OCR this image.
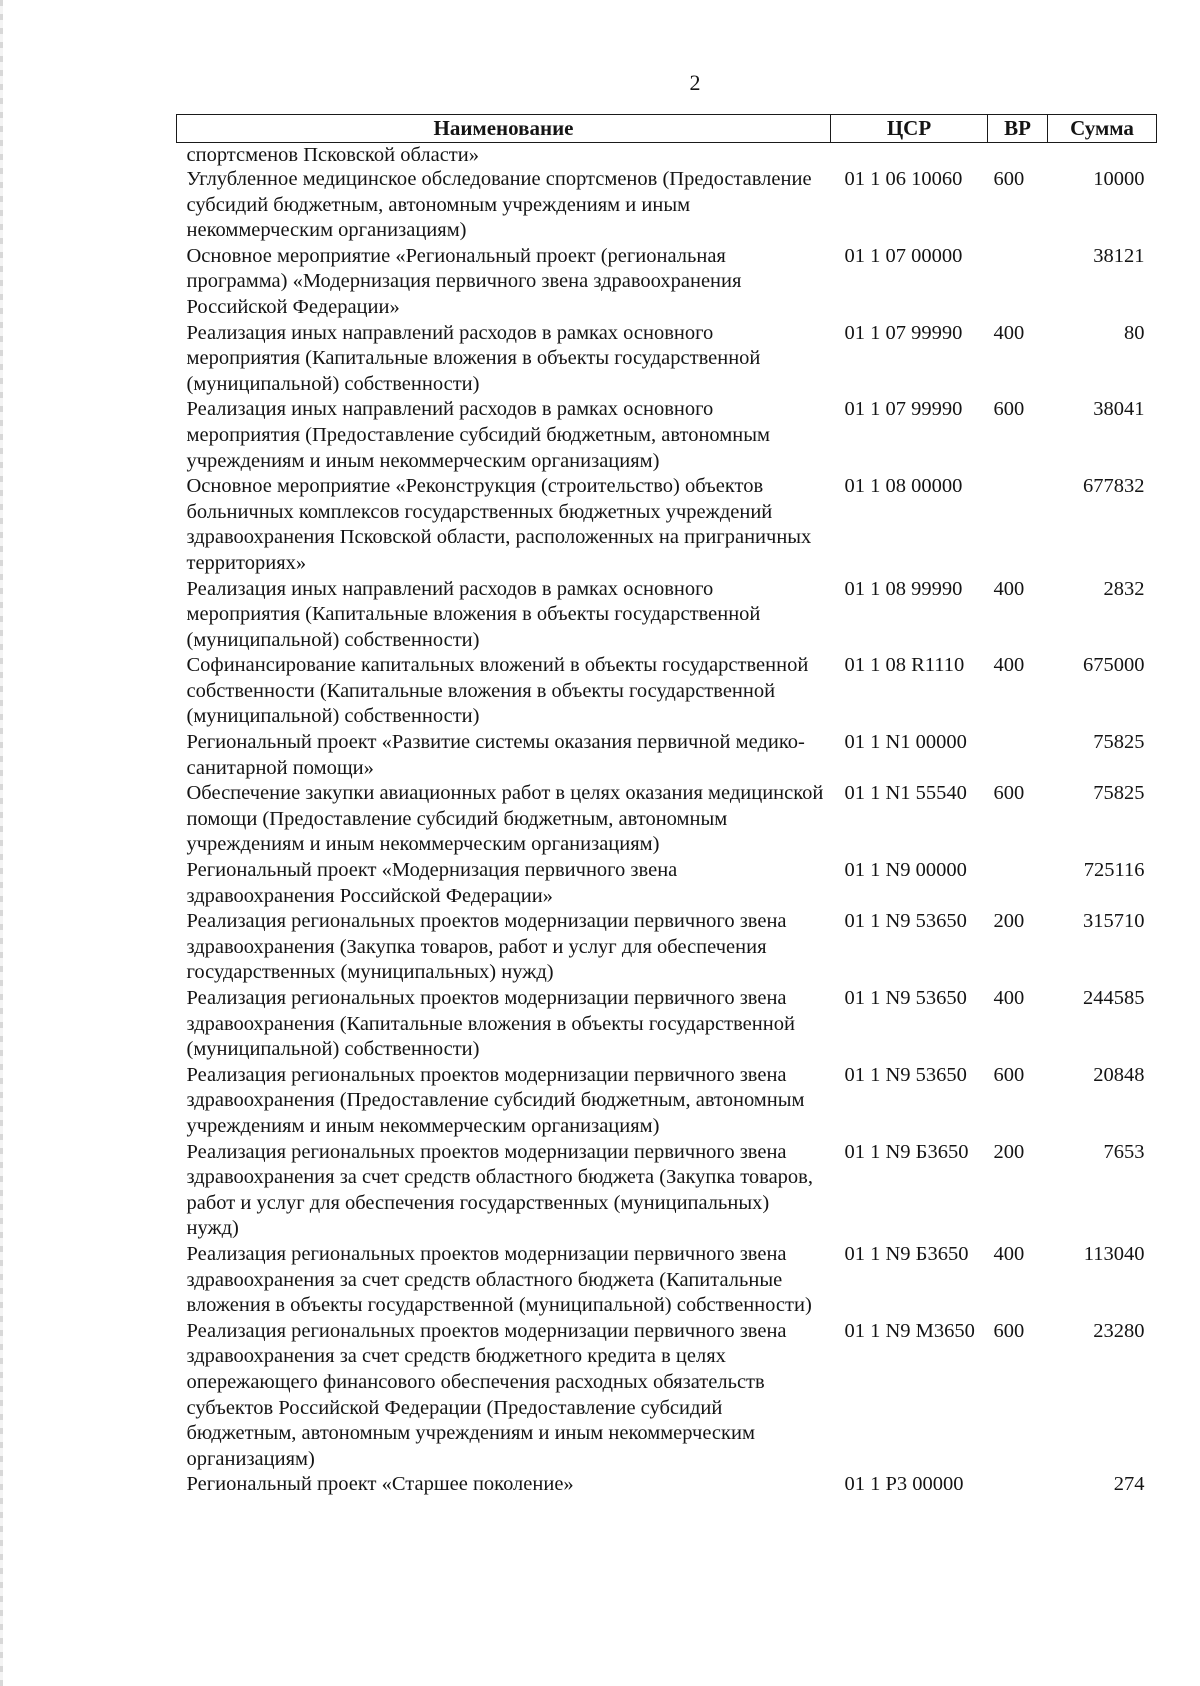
2
Наименование	ЦСР	ВР	Сумма
спортсменов Псковской области»			
Углубленное медицинское обследование спортсменов (Предоставление субсидий бюджетным, автономным учреждениям и иным некоммерческим организациям)	01 1 06 10060	600	10000
Основное мероприятие «Региональный проект (региональная программа) «Модернизация первичного звена здравоохранения Российской Федерации»	01 1 07 00000		38121
Реализация иных направлений расходов в рамках основного мероприятия (Капитальные вложения в объекты государственной (муниципальной) собственности)	01 1 07 99990	400	80
Реализация иных направлений расходов в рамках основного мероприятия (Предоставление субсидий бюджетным, автономным учреждениям и иным некоммерческим организациям)	01 1 07 99990	600	38041
Основное мероприятие «Реконструкция (строительство) объектов больничных комплексов государственных бюджетных учреждений здравоохранения Псковской области, расположенных на приграничных территориях»	01 1 08 00000		677832
Реализация иных направлений расходов в рамках основного мероприятия (Капитальные вложения в объекты государственной (муниципальной) собственности)	01 1 08 99990	400	2832
Софинансирование капитальных вложений в объекты государственной собственности (Капитальные вложения в объекты государственной (муниципальной) собственности)	01 1 08 R1110	400	675000
Региональный проект «Развитие системы оказания первичной медико-санитарной помощи»	01 1 N1 00000		75825
Обеспечение закупки авиационных работ в целях оказания медицинской помощи (Предоставление субсидий бюджетным, автономным учреждениям и иным некоммерческим организациям)	01 1 N1 55540	600	75825
Региональный проект «Модернизация первичного звена здравоохранения Российской Федерации»	01 1 N9 00000		725116
Реализация региональных проектов модернизации первичного звена здравоохранения (Закупка товаров, работ и услуг для обеспечения государственных (муниципальных) нужд)	01 1 N9 53650	200	315710
Реализация региональных проектов модернизации первичного звена здравоохранения (Капитальные вложения в объекты государственной (муниципальной) собственности)	01 1 N9 53650	400	244585
Реализация региональных проектов модернизации первичного звена здравоохранения (Предоставление субсидий бюджетным, автономным учреждениям и иным некоммерческим организациям)	01 1 N9 53650	600	20848
Реализация региональных проектов модернизации первичного звена здравоохранения за счет средств областного бюджета (Закупка товаров, работ и услуг для обеспечения государственных (муниципальных) нужд)	01 1 N9 Б3650	200	7653
Реализация региональных проектов модернизации первичного звена здравоохранения за счет средств областного бюджета (Капитальные вложения в объекты государственной (муниципальной) собственности)	01 1 N9 Б3650	400	113040
Реализация региональных проектов модернизации первичного звена здравоохранения за счет средств бюджетного кредита в целях опережающего финансового обеспечения расходных обязательств субъектов Российской Федерации (Предоставление субсидий бюджетным, автономным учреждениям и иным некоммерческим организациям)	01 1 N9 М3650	600	23280
Региональный проект «Старшее поколение»	01 1 P3 00000		274
